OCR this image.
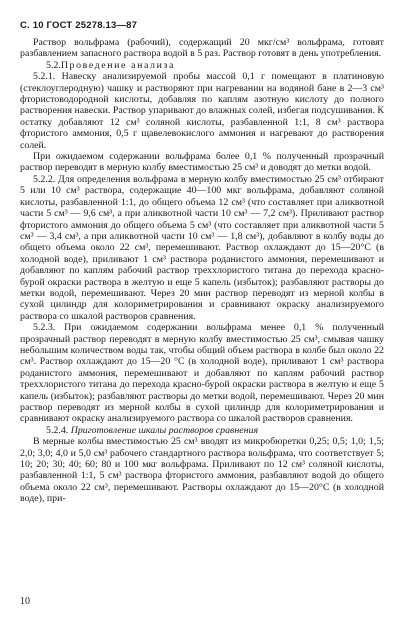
С. 10 ГОСТ 25278.13—87

Раствор вольфрама (рабочий), содержащий 20 мкг/см³ вольфрама, готовят разбавлением запасного раствора водой в 5 раз. Раствор готовят в день употребления.

5.2.Проведение анализа

5.2.1. Навеску анализируемой пробы массой 0,1 г помещают в платиновую (стеклоуглеродную) чашку и растворяют при нагревании на водяной бане в 2—3 см³ фтористоводородной кислоты, добавляя по каплям азотную кислоту до полного растворения навески. Раствор упаривают до влажных солей, избегая подсушивания. К остатку добавляют 12 см³ соляной кислоты, разбавленной 1:1, 8 см³ раствора фтористого аммония, 0,5 г щавелевокислого аммония и нагревают до растворения солей.

При ожидаемом содержании вольфрама более 0,1 % полученный прозрачный раствор переводят в мерную колбу вместимостью 25 см³ и доводят до метки водой.

5.2.2. Для определения вольфрама в мерную колбу вместимостью 25 см³ отбирают 5 или 10 см³ раствора, содержащие 40—100 мкг вольфрама, добавляют соляной кислоты, разбавленной 1:1, до общего объема 12 см³ (что составляет при аликвотной части 5 см³ — 9,6 см³, а при аликвотной части 10 см³ — 7,2 см³). Приливают раствор фтористого аммония до общего объема 5 см³ (что составляет при аликвотной части 5 см³ — 3,4 см³, а при аликвотной части 10 см³ — 1,8 см³), добавляют в колбу воды до общего объема около 22 см³, перемешивают. Раствор охлаждают до 15—20°С (в холодной воде), приливают 1 см³ раствора роданистого аммония, перемешивают и добавляют по каплям рабочий раствор треххлористого титана до перехода красно-бурой окраски раствора в желтую и еще 5 капель (избыток); разбавляют растворы до метки водой, перемешивают. Через 20 мин раствор переводят из мерной колбы в сухой цилиндр для колориметрирования и сравнивают окраску анализируемого раствора со шкалой растворов сравнения.

5.2.3. При ожидаемом содержании вольфрама менее 0,1 % полученный прозрачный раствор переводят в мерную колбу вместимостью 25 см³, смывая чашку небольшим количеством воды так, чтобы общий объем раствора в колбе был около 22 см³. Раствор охлаждают до 15—20 °С (в холодной воде), приливают 1 см³ раствора роданистого аммония, перемешивают и добавляют по каплям рабочий раствор треххлористого титана до перехода красно-бурой окраски раствора в желтую и еще 5 капель (избыток); разбавляют растворы до метки водой, перемешивают. Через 20 мин раствор переводят из мерной колбы в сухой цилиндр для колориметрирования и сравнивают окраску анализируемого раствора со шкалой растворов сравнения.

5.2.4. Приготовление шкалы растворов сравнения

В мерные колбы вместимостью 25 см³ вводят из микробюретки 0,25; 0,5; 1,0; 1,5; 2,0; 3,0; 4,0 и 5,0 см³ рабочего стандартного раствора вольфрама, что соответствует 5; 10; 20; 30; 40; 60; 80 и 100 мкг вольфрама. Приливают по 12 см³ соляной кислоты, разбавленной 1:1, 5 см³ раствора фтористого аммония, разбавляют водой до общего объема около 22 см³, перемешивают. Растворы охлаждают до 15—20°С (в холодной воде), при-

10
